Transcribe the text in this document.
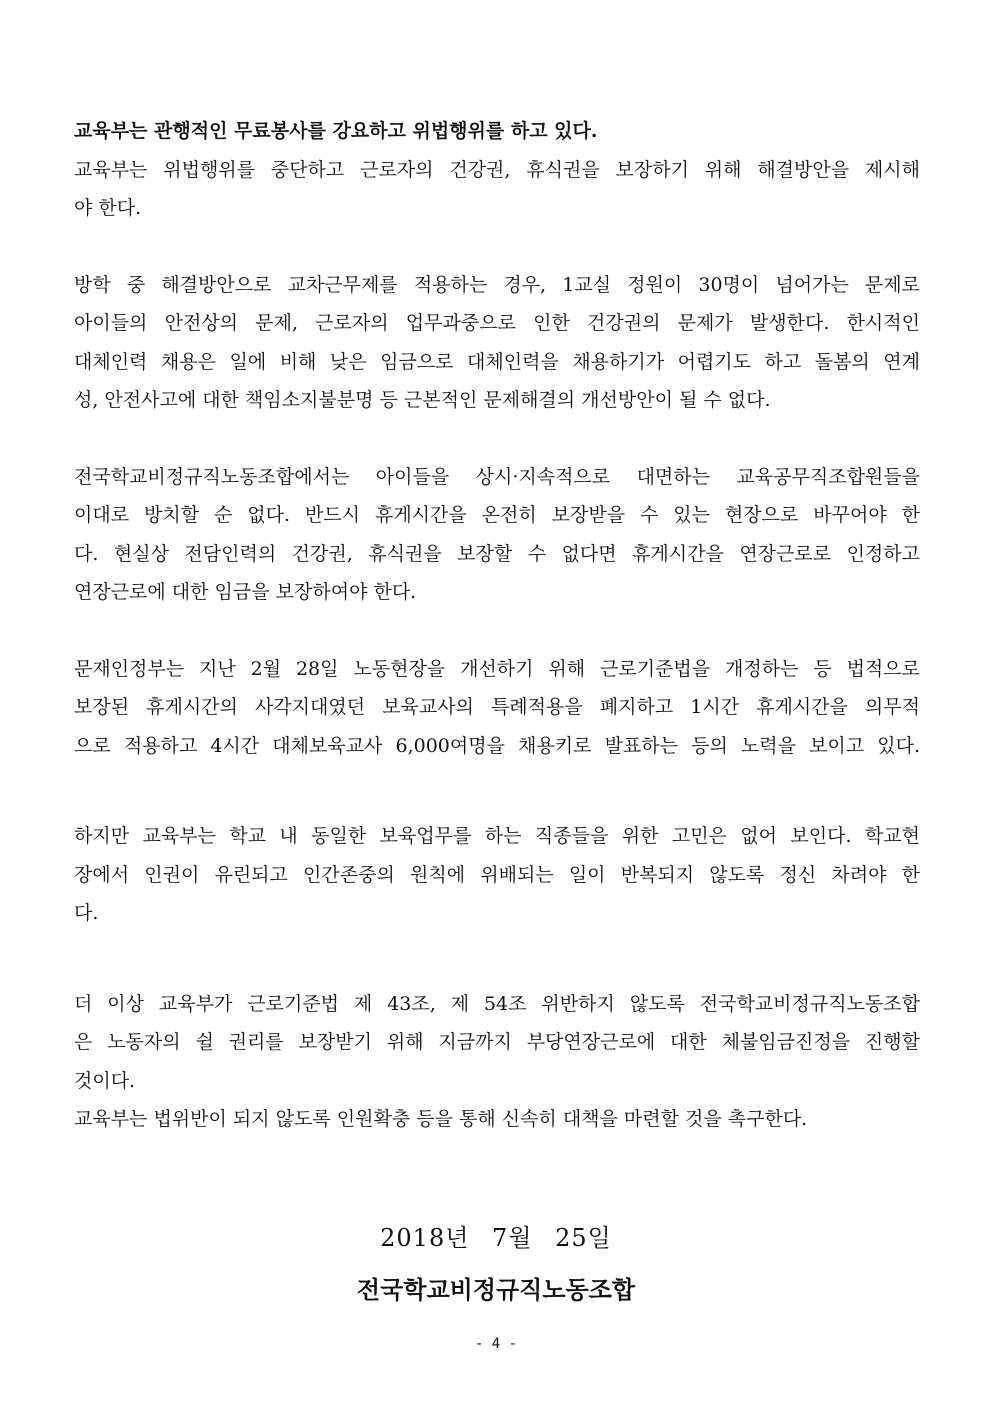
교육부는 관행적인 무료봉사를 강요하고 위법행위를 하고 있다.
교육부는 위법행위를 중단하고 근로자의 건강권, 휴식권을 보장하기 위해 해결방안을 제시해
야 한다.

방학 중 해결방안으로 교차근무제를 적용하는 경우, 1교실 정원이 30명이 넘어가는 문제로
아이들의 안전상의 문제, 근로자의 업무과중으로 인한 건강권의 문제가 발생한다. 한시적인
대체인력 채용은 일에 비해 낮은 임금으로 대체인력을 채용하기가 어렵기도 하고 돌봄의 연계
성, 안전사고에 대한 책임소지불분명 등 근본적인 문제해결의 개선방안이 될 수 없다.

전국학교비정규직노동조합에서는 아이들을 상시·지속적으로 대면하는 교육공무직조합원들을
이대로 방치할 순 없다. 반드시 휴게시간을 온전히 보장받을 수 있는 현장으로 바꾸어야 한
다. 현실상 전담인력의 건강권, 휴식권을 보장할 수 없다면 휴게시간을 연장근로로 인정하고
연장근로에 대한 임금을 보장하여야 한다.

문재인정부는 지난 2월 28일 노동현장을 개선하기 위해 근로기준법을 개정하는 등 법적으로
보장된 휴게시간의 사각지대였던 보육교사의 특례적용을 폐지하고 1시간 휴게시간을 의무적
으로 적용하고 4시간 대체보육교사 6,000여명을 채용키로 발표하는 등의 노력을 보이고 있다.

하지만 교육부는 학교 내 동일한 보육업무를 하는 직종들을 위한 고민은 없어 보인다. 학교현
장에서 인권이 유린되고 인간존중의 원칙에 위배되는 일이 반복되지 않도록 정신 차려야 한
다.

더 이상 교육부가 근로기준법 제 43조, 제 54조 위반하지 않도록 전국학교비정규직노동조합
은 노동자의 쉴 권리를 보장받기 위해 지금까지 부당연장근로에 대한 체불임금진정을 진행할
것이다.
교육부는 법위반이 되지 않도록 인원확충 등을 통해 신속히 대책을 마련할 것을 촉구한다.

2018년 7월 25일
전국학교비정규직노동조합
- 4 -
